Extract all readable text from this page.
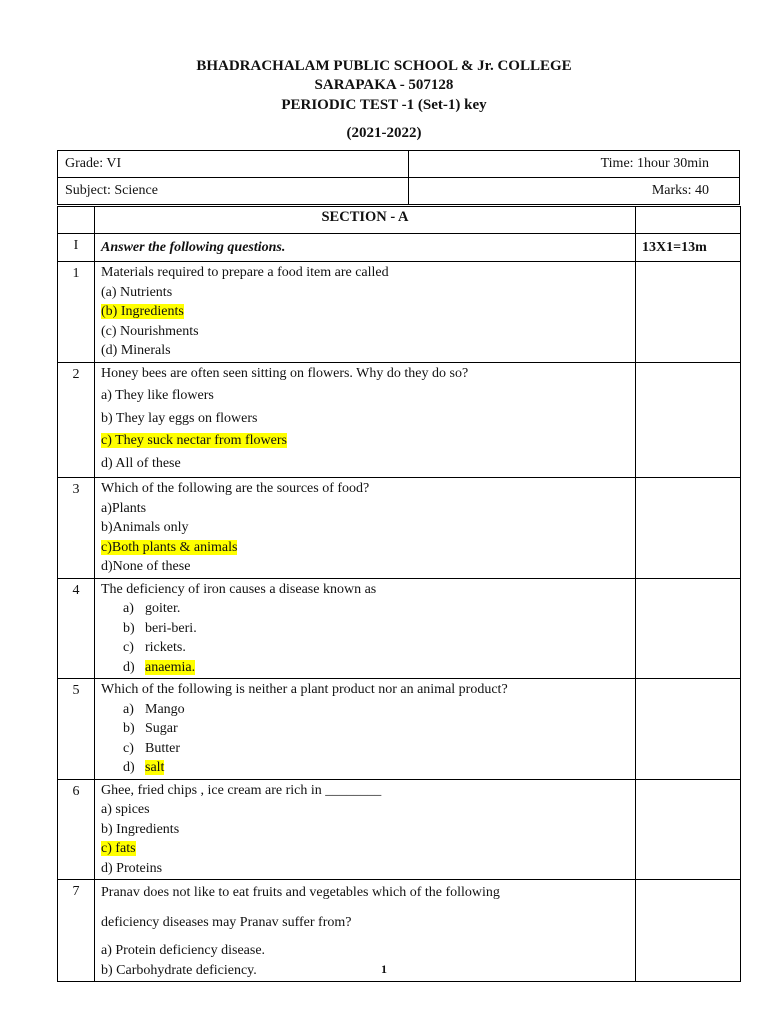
BHADRACHALAM PUBLIC SCHOOL & Jr. COLLEGE
SARAPAKA - 507128
PERIODIC TEST -1 (Set-1) key
(2021-2022)
Grade: VI	Time: 1hour 30min
Subject: Science	Marks: 40
	SECTION - A	
I	Answer the following questions.	13X1=13m
1	Materials required to prepare a food item are called
(a) Nutrients
(b) Ingredients
(c) Nourishments
(d) Minerals	

2	Honey bees are often seen sitting on flowers. Why do they do so?
a) They like flowers
b) They lay eggs on flowers
c) They suck nectar from flowers
d) All of these	

3	Which of the following are the sources of food?
a)Plants
b)Animals only
c)Both plants & animals
d)None of these	

4	The deficiency of iron causes a disease known as
a) goiter.
b) beri-beri.
c) rickets.
d) anaemia.	

5	Which of the following is neither a plant product nor an animal product?
a) Mango
b) Sugar
c) Butter
d) salt	

6	Ghee, fried chips , ice cream are rich in ________
a) spices
b) Ingredients
c) fats
d) Proteins	

7	Pranav does not like to eat fruits and vegetables which of the following
deficiency diseases may Pranav suffer from?
a) Protein deficiency disease.
b) Carbohydrate deficiency.	
		1
